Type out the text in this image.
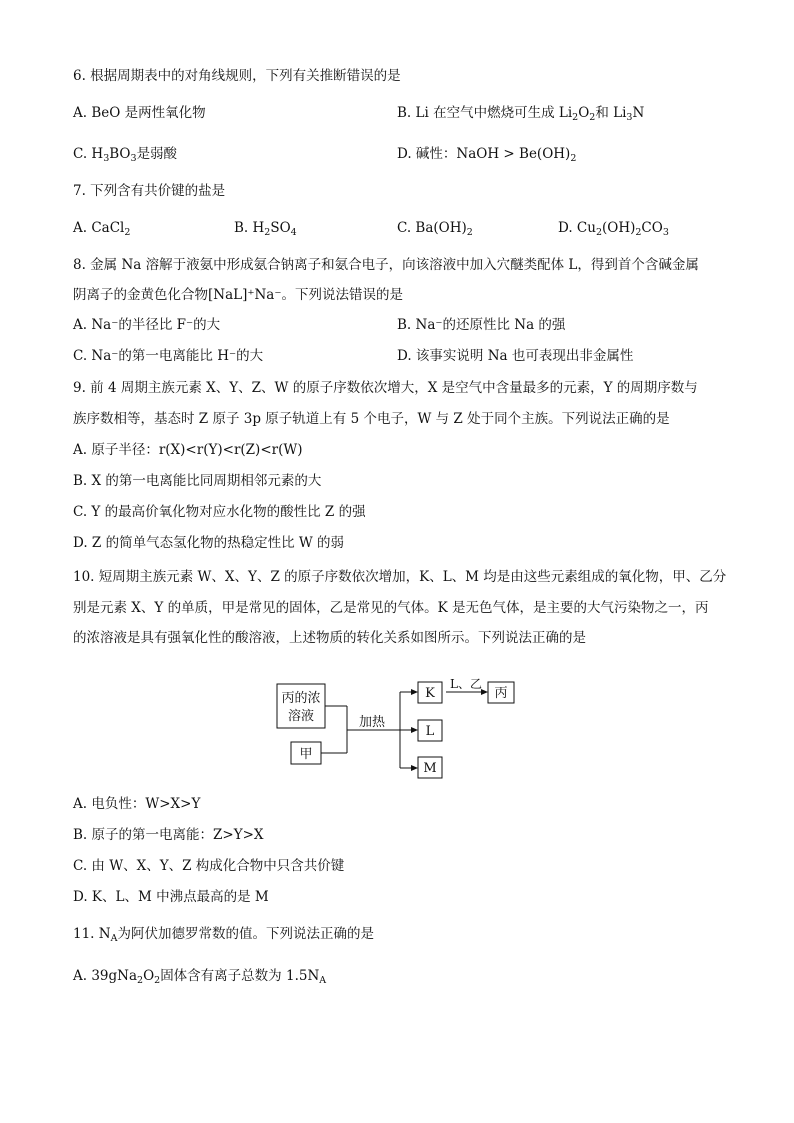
6. 根据周期表中的对角线规则，下列有关推断错误的是
A. BeO 是两性氧化物	B. Li 在空气中燃烧可生成 $Li_2O_2$和 $Li_3N$
C. $H_3BO_3$是弱酸	D. 碱性：NaOH > $Be(OH)_2$
7. 下列含有共价键的盐是
A. CaCl$_2$	B. $H_2SO_4$	C. $Ba(OH)_2$	D. $Cu_2(OH)_2CO_3$
8. 金属 Na 溶解于液氨中形成氨合钠离子和氨合电子，向该溶液中加入穴醚类配体 L，得到首个含碱金属
阴离子的金黄色化合物[NaL]⁺Na⁻。下列说法错误的是
A. Na⁻的半径比 F⁻的大	B. Na⁻的还原性比 Na 的强
C. Na⁻的第一电离能比 H⁻的大	D. 该事实说明 Na 也可表现出非金属性
9. 前 4 周期主族元素 X、Y、Z、W 的原子序数依次增大，X 是空气中含量最多的元素，Y 的周期序数与
族序数相等，基态时 Z 原子 3p 原子轨道上有 5 个电子，W 与 Z 处于同个主族。下列说法正确的是
A. 原子半径：r(X)<r(Y)<r(Z)<r(W)
B. X 的第一电离能比同周期相邻元素的大
C. Y 的最高价氧化物对应水化物的酸性比 Z 的强
D. Z 的简单气态氢化物的热稳定性比 W 的弱
10. 短周期主族元素 W、X、Y、Z 的原子序数依次增加，K、L、M 均是由这些元素组成的氧化物，甲、乙分
别是元素 X、Y 的单质，甲是常见的固体，乙是常见的气体。K 是无色气体，是主要的大气污染物之一，丙
的浓溶液是具有强氧化性的酸溶液，上述物质的转化关系如图所示。下列说法正确的是
丙的浓
溶液
甲
加热
K
L
M
L、乙
丙
A. 电负性：W>X>Y
B. 原子的第一电离能：Z>Y>X
C. 由 W、X、Y、Z 构成化合物中只含共价键
D. K、L、M 中沸点最高的是 M
11. $N_A$为阿伏加德罗常数的值。下列说法正确的是
A. $39gNa_2O_2$固体含有离子总数为 $1.5N_A$
